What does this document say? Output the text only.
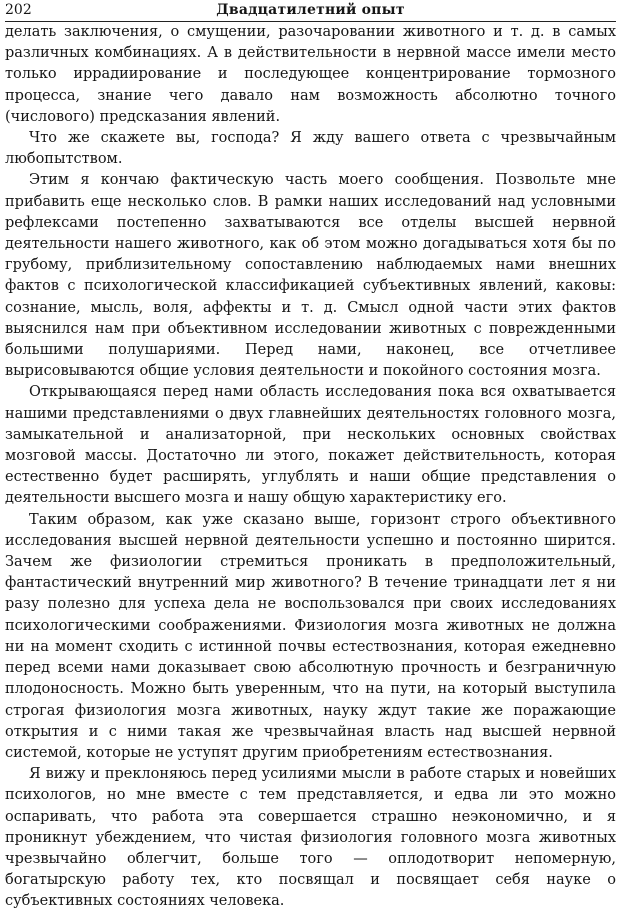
202	Двадцатилетний опыт

делать заключения, о смущении, разочаровании животного и т. д. в самых различных комбинациях. А в действительности в нервной массе имели место только иррадиирование и последующее концентрирование тормозного процесса, знание чего давало нам возможность абсолютно точного (числового) предсказания явлений.

Что же скажете вы, господа? Я жду вашего ответа с чрезвычайным любопытством.

Этим я кончаю фактическую часть моего сообщения. Позвольте мне прибавить еще несколько слов. В рамки наших исследований над условными рефлексами постепенно захватываются все отделы высшей нервной деятельности нашего животного, как об этом можно догадываться хотя бы по грубому, приблизительному сопоставлению наблюдаемых нами внешних фактов с психологической классификацией субъективных явлений, каковы: сознание, мысль, воля, аффекты и т. д. Смысл одной части этих фактов выяснился нам при объективном исследовании животных с поврежденными большими полушариями. Перед нами, наконец, все отчетливее вырисовываются общие условия деятельности и покойного состояния мозга.

Открывающаяся перед нами область исследования пока вся охватывается нашими представлениями о двух главнейших деятельностях головного мозга, замыкательной и анализаторной, при нескольких основных свойствах мозговой массы. Достаточно ли этого, покажет действительность, которая естественно будет расширять, углублять и наши общие представления о деятельности высшего мозга и нашу общую характеристику его.

Таким образом, как уже сказано выше, горизонт строго объективного исследования высшей нервной деятельности успешно и постоянно ширится. Зачем же физиологии стремиться проникать в предположительный, фантастический внутренний мир животного? В течение тринадцати лет я ни разу полезно для успеха дела не воспользовался при своих исследованиях психологическими соображениями. Физиология мозга животных не должна ни на момент сходить с истинной почвы естествознания, которая ежедневно перед всеми нами доказывает свою абсолютную прочность и безграничную плодоносность. Можно быть уверенным, что на пути, на который выступила строгая физиология мозга животных, науку ждут такие же поражающие открытия и с ними такая же чрезвычайная власть над высшей нервной системой, которые не уступят другим приобретениям естествознания.

Я вижу и преклоняюсь перед усилиями мысли в работе старых и новейших психологов, но мне вместе с тем представляется, и едва ли это можно оспаривать, что работа эта совершается страшно неэкономично, и я проникнут убеждением, что чистая физиология головного мозга животных чрезвычайно облегчит, больше того — оплодотворит непомерную, богатырскую работу тех, кто посвящал и посвящает себя науке о субъективных состояниях человека.
